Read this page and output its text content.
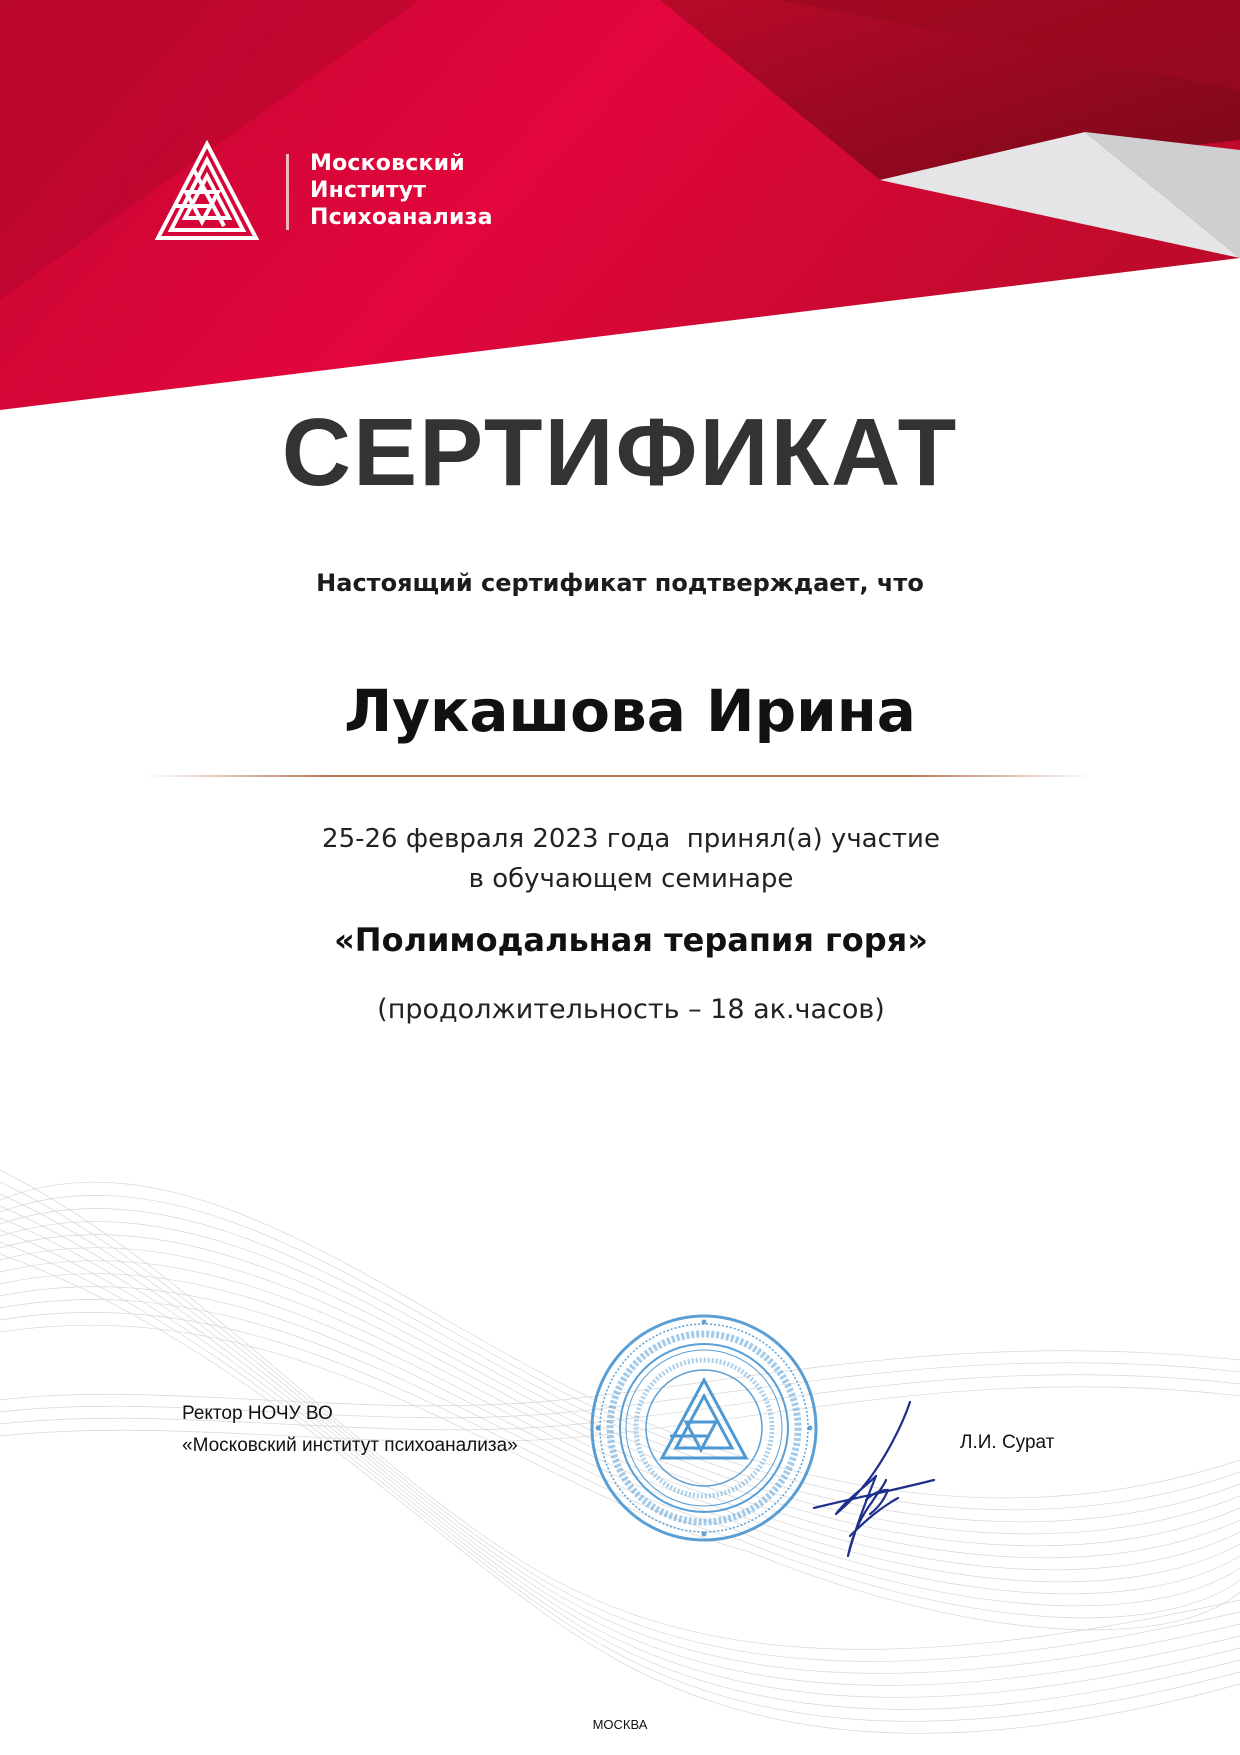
Московский
Институт
Психоанализа
СЕРТИФИКАТ
Настоящий сертификат подтверждает, что
Лукашова Ирина
25-26 февраля 2023 года  принял(а) участие
в обучающем семинаре
«Полимодальная терапия горя»
(продолжительность – 18 ак.часов)
Ректор НОЧУ ВО
«Московский институт психоанализа»	Л.И. Сурат
МОСКВА
